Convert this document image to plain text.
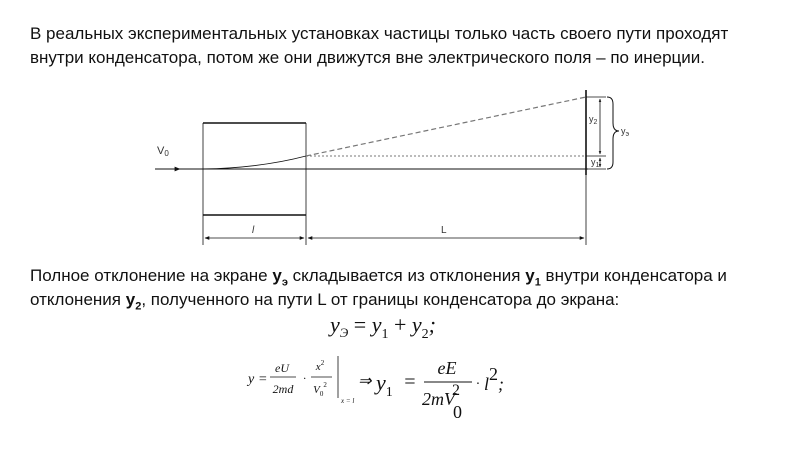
В реальных экспериментальных установках частицы только часть своего пути проходят внутри конденсатора, потом же они движутся вне электрического поля – по инерции.

Полное отклонение на экране $y_э$ складывается из отклонения $y_1$ внутри конденсатора и отклонения $y_2$, полученного на пути L от границы конденсатора до экрана:

V0
$y_2$
$y_1$
$y_э$
l	L
$y_Э = y_1 + y_2$;
y =
eU
2md
·
$x^2$
$V_0^2$
x = l
⇒ $y_1$ =
eE
2mV 02 · l2;
